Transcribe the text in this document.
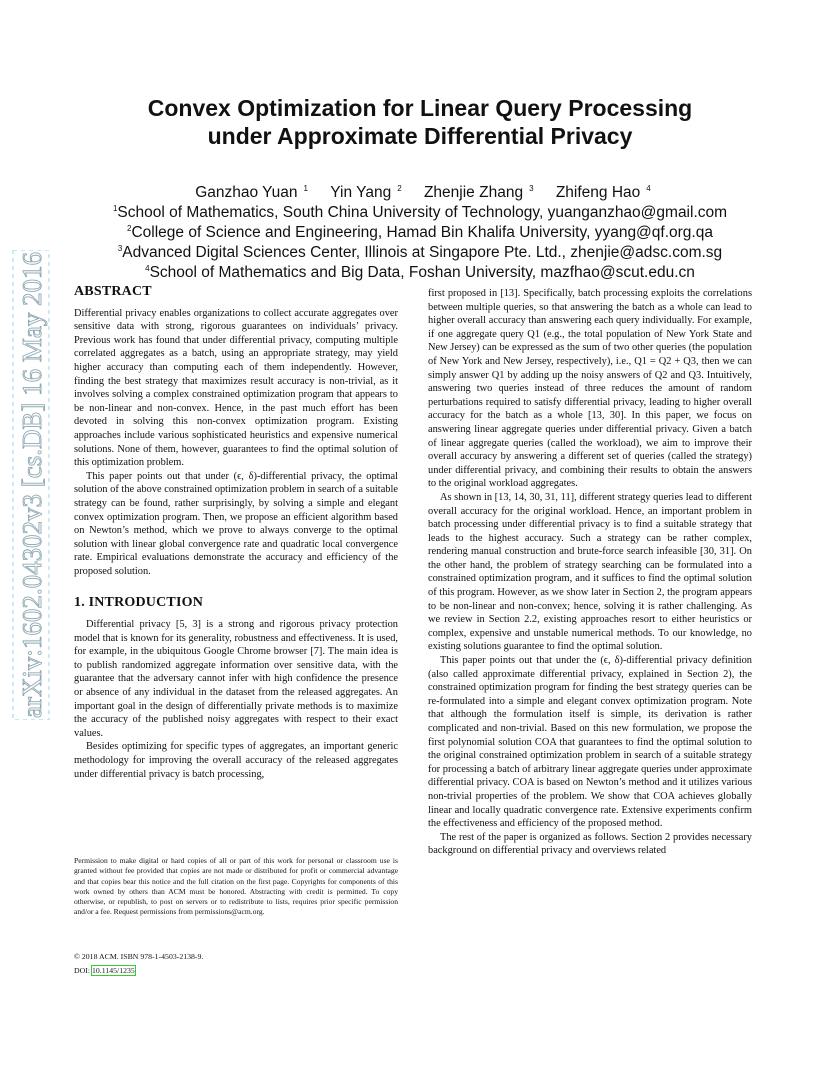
arXiv:1602.04302v3 [cs.DB] 16 May 2016
Convex Optimization for Linear Query Processing
under Approximate Differential Privacy
Ganzhao Yuan $^1$ Yin Yang $^2$ Zhenjie Zhang $^3$ Zhifeng Hao $^4$
$^1$School of Mathematics, South China University of Technology, yuanganzhao@gmail.com
$^2$College of Science and Engineering, Hamad Bin Khalifa University, yyang@qf.org.qa
$^3$Advanced Digital Sciences Center, Illinois at Singapore Pte. Ltd., zhenjie@adsc.com.sg
$^4$School of Mathematics and Big Data, Foshan University, mazfhao@scut.edu.cn
ABSTRACT

Differential privacy enables organizations to collect accurate aggregates over sensitive data with strong, rigorous guarantees on individuals’ privacy. Previous work has found that under differential privacy, computing multiple correlated aggregates as a batch, using an appropriate strategy, may yield higher accuracy than computing each of them independently. However, finding the best strategy that maximizes result accuracy is non-trivial, as it involves solving a complex constrained optimization program that appears to be non-linear and non-convex. Hence, in the past much effort has been devoted in solving this non-convex optimization program. Existing approaches include various sophisticated heuristics and expensive numerical solutions. None of them, however, guarantees to find the optimal solution of this optimization problem.

This paper points out that under (ϵ, δ)-differential privacy, the optimal solution of the above constrained optimization problem in search of a suitable strategy can be found, rather surprisingly, by solving a simple and elegant convex optimization program. Then, we propose an efficient algorithm based on Newton’s method, which we prove to always converge to the optimal solution with linear global convergence rate and quadratic local convergence rate. Empirical evaluations demonstrate the accuracy and efficiency of the proposed solution.

1. INTRODUCTION

Differential privacy [5, 3] is a strong and rigorous privacy protection model that is known for its generality, robustness and effectiveness. It is used, for example, in the ubiquitous Google Chrome browser [7]. The main idea is to publish randomized aggregate information over sensitive data, with the guarantee that the adversary cannot infer with high confidence the presence or absence of any individual in the dataset from the released aggregates. An important goal in the design of differentially private methods is to maximize the accuracy of the published noisy aggregates with respect to their exact values.

Besides optimizing for specific types of aggregates, an important generic methodology for improving the overall accuracy of the released aggregates under differential privacy is batch processing,

Permission to make digital or hard copies of all or part of this work for personal or classroom use is granted without fee provided that copies are not made or distributed for profit or commercial advantage and that copies bear this notice and the full citation on the first page. Copyrights for components of this work owned by others than ACM must be honored. Abstracting with credit is permitted. To copy otherwise, or republish, to post on servers or to redistribute to lists, requires prior specific permission and/or a fee. Request permissions from permissions@acm.org.
© 2018 ACM. ISBN 978-1-4503-2138-9.
DOI: 10.1145/1235

first proposed in [13]. Specifically, batch processing exploits the correlations between multiple queries, so that answering the batch as a whole can lead to higher overall accuracy than answering each query individually. For example, if one aggregate query Q1 (e.g., the total population of New York State and New Jersey) can be expressed as the sum of two other queries (the population of New York and New Jersey, respectively), i.e., Q1 = Q2 + Q3, then we can simply answer Q1 by adding up the noisy answers of Q2 and Q3. Intuitively, answering two queries instead of three reduces the amount of random perturbations required to satisfy differential privacy, leading to higher overall accuracy for the batch as a whole [13, 30]. In this paper, we focus on answering linear aggregate queries under differential privacy. Given a batch of linear aggregate queries (called the workload), we aim to improve their overall accuracy by answering a different set of queries (called the strategy) under differential privacy, and combining their results to obtain the answers to the original workload aggregates.

As shown in [13, 14, 30, 31, 11], different strategy queries lead to different overall accuracy for the original workload. Hence, an important problem in batch processing under differential privacy is to find a suitable strategy that leads to the highest accuracy. Such a strategy can be rather complex, rendering manual construction and brute-force search infeasible [30, 31]. On the other hand, the problem of strategy searching can be formulated into a constrained optimization program, and it suffices to find the optimal solution of this program. However, as we show later in Section 2, the program appears to be non-linear and non-convex; hence, solving it is rather challenging. As we review in Section 2.2, existing approaches resort to either heuristics or complex, expensive and unstable numerical methods. To our knowledge, no existing solutions guarantee to find the optimal solution.

This paper points out that under the (ϵ, δ)-differential privacy definition (also called approximate differential privacy, explained in Section 2), the constrained optimization program for finding the best strategy queries can be re-formulated into a simple and elegant convex optimization program. Note that although the formulation itself is simple, its derivation is rather complicated and non-trivial. Based on this new formulation, we propose the first polynomial solution COA that guarantees to find the optimal solution to the original constrained optimization problem in search of a suitable strategy for processing a batch of arbitrary linear aggregate queries under approximate differential privacy. COA is based on Newton’s method and it utilizes various non-trivial properties of the problem. We show that COA achieves globally linear and locally quadratic convergence rate. Extensive experiments confirm the effectiveness and efficiency of the proposed method.

The rest of the paper is organized as follows. Section 2 provides necessary background on differential privacy and overviews related
